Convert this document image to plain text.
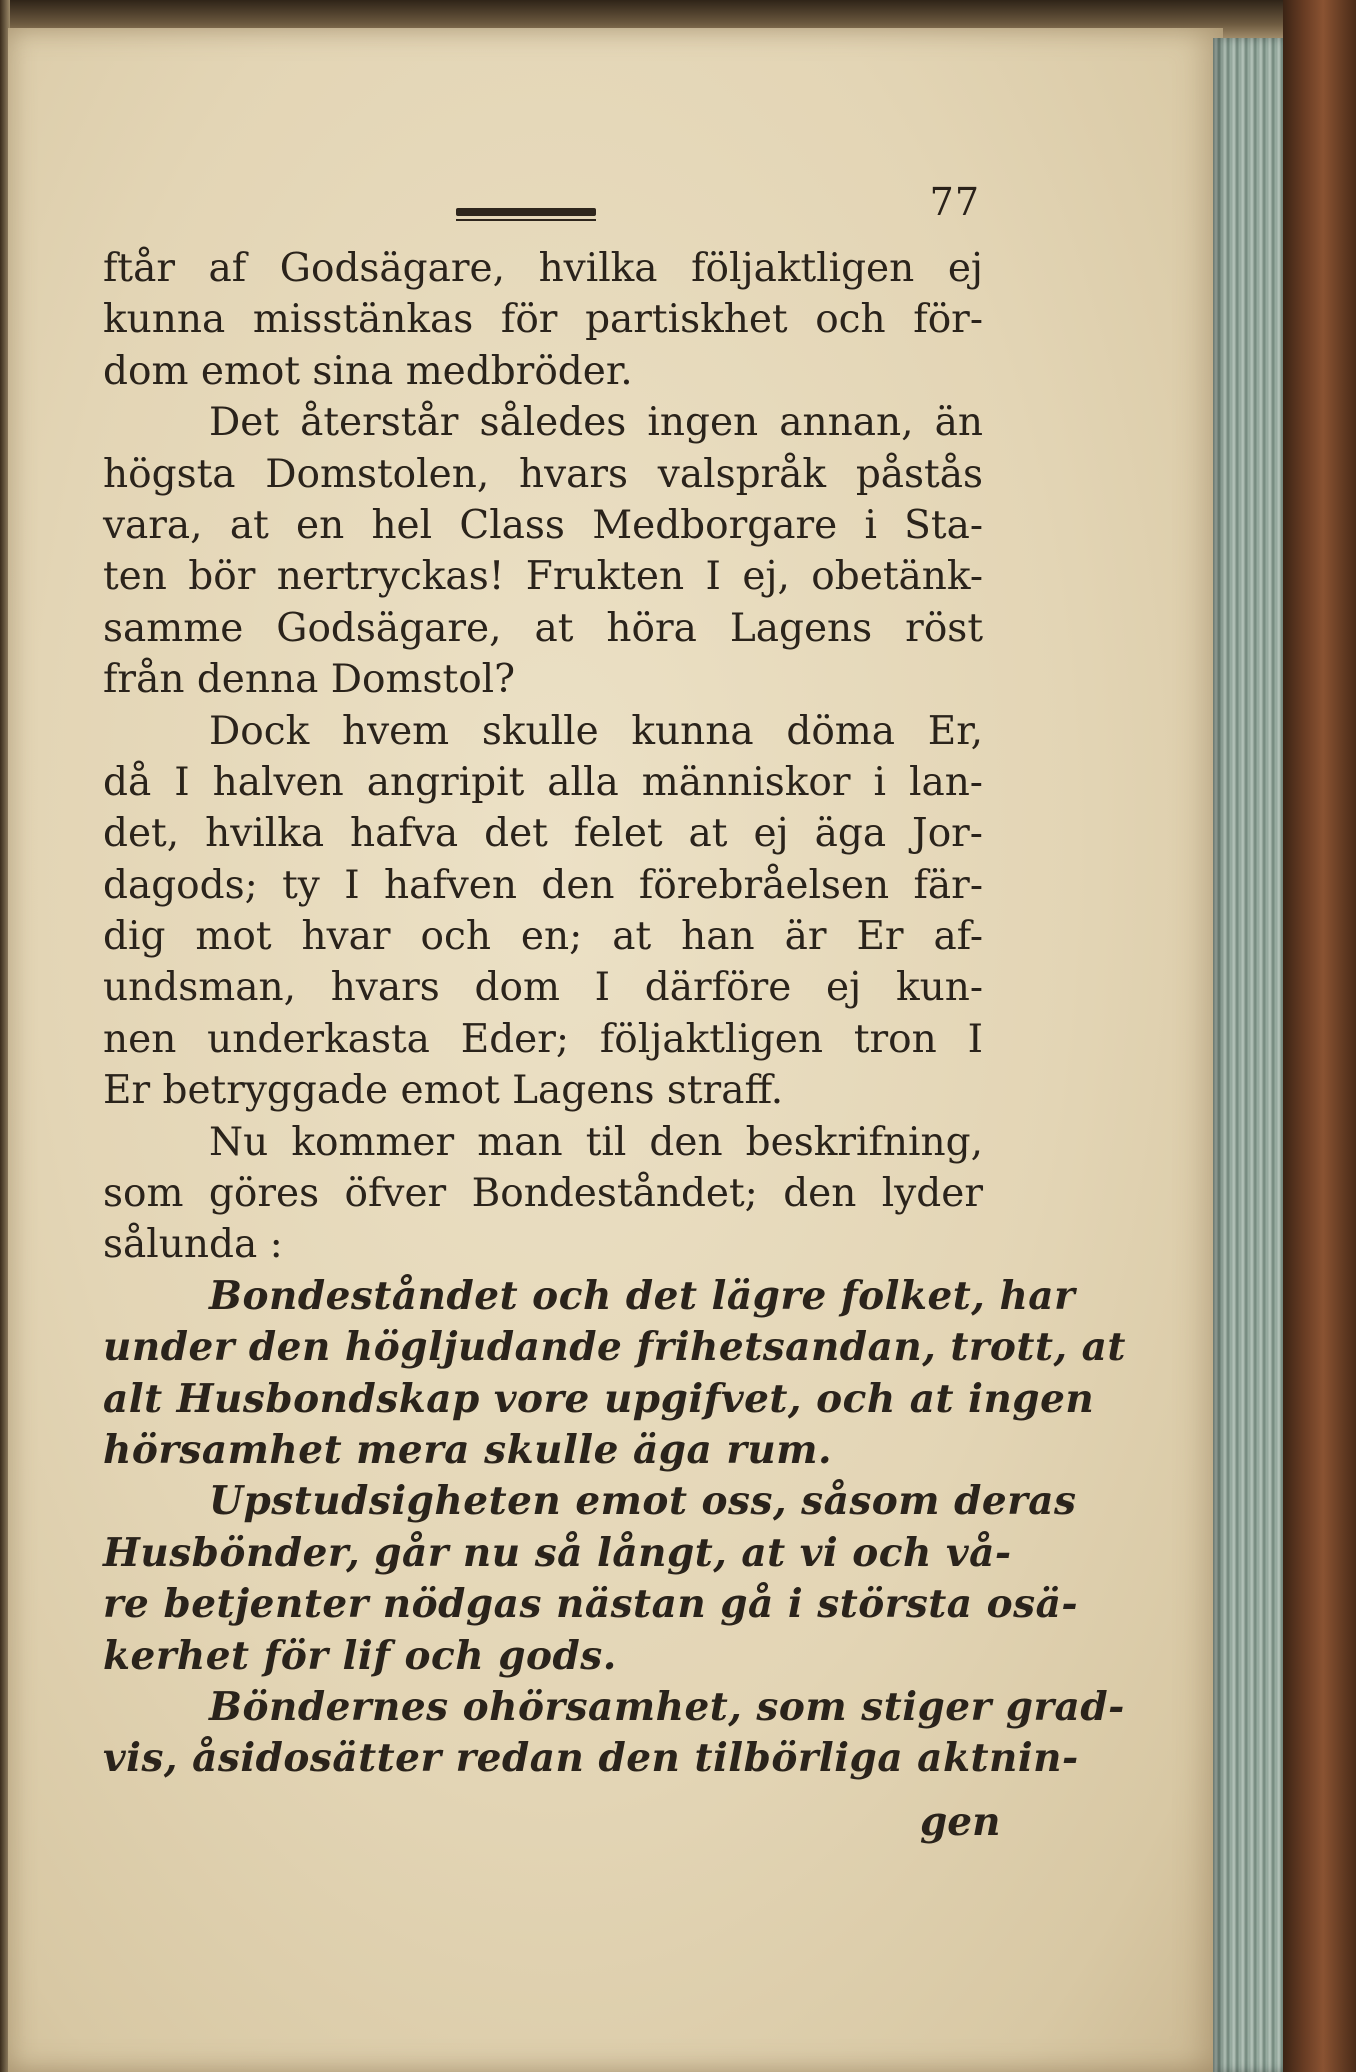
77
ftår af Godsägare, hvilka följaktligen ej
kunna misstänkas för partiskhet och för-
dom emot sina medbröder.
Det återstår således ingen annan, än
högsta Domstolen, hvars valspråk påstås
vara, at en hel Class Medborgare i Sta-
ten bör nertryckas! Frukten I ej, obetänk-
samme Godsägare, at höra Lagens röst
från denna Domstol?
Dock hvem skulle kunna döma Er,
då I halven angripit alla människor i lan-
det, hvilka hafva det felet at ej äga Jor-
dagods; ty I hafven den förebråelsen fär-
dig mot hvar och en; at han är Er af-
undsman, hvars dom I därföre ej kun-
nen underkasta Eder; följaktligen tron I
Er betryggade emot Lagens straff.
Nu kommer man til den beskrifning,
som göres öfver Bondeståndet; den lyder
sålunda :
Bondeståndet och det lägre folket, har
under den högljudande frihetsandan, trott, at
alt Husbondskap vore upgifvet, och at ingen
hörsamhet mera skulle äga rum.
Upstudsigheten emot oss, såsom deras
Husbönder, går nu så långt, at vi och vå-
re betjenter nödgas nästan gå i största osä-
kerhet för lif och gods.
Böndernes ohörsamhet, som stiger grad-
vis, åsidosätter redan den tilbörliga aktnin-
gen
